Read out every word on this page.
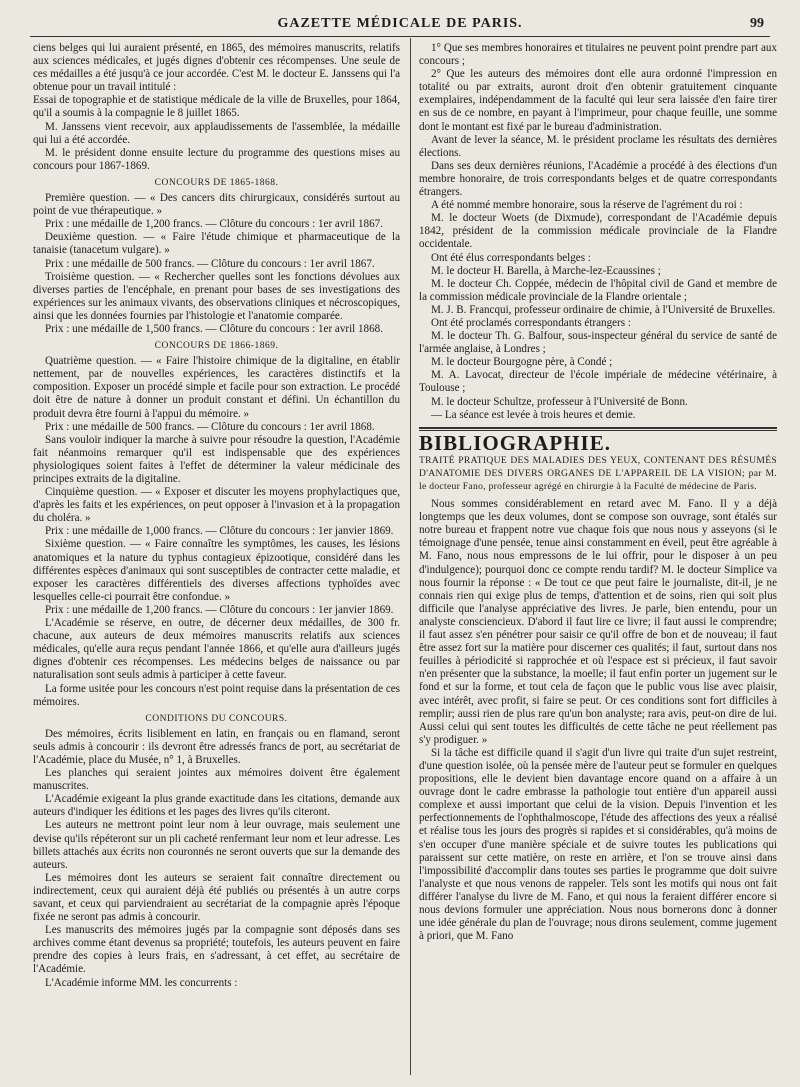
GAZETTE MÉDICALE DE PARIS.	99

ciens belges qui lui auraient présenté, en 1865, des mémoires manuscrits, relatifs aux sciences médicales, et jugés dignes d'obtenir ces récompenses. Une seule de ces médailles a été jusqu'à ce jour accordée. C'est M. le docteur E. Janssens qui l'a obtenue pour un travail intitulé :

Essai de topographie et de statistique médicale de la ville de Bruxelles, pour 1864, qu'il a soumis à la compagnie le 8 juillet 1865.

M. Janssens vient recevoir, aux applaudissements de l'assemblée, la médaille qui lui a été accordée.

M. le président donne ensuite lecture du programme des questions mises au concours pour 1867-1869.

CONCOURS DE 1865-1868.

Première question. — « Des cancers dits chirurgicaux, considérés surtout au point de vue thérapeutique. »

Prix : une médaille de 1,200 francs. — Clôture du concours : 1er avril 1867.

Deuxième question. — « Faire l'étude chimique et pharmaceutique de la tanaisie (tanacetum vulgare). »

Prix : une médaille de 500 francs. — Clôture du concours : 1er avril 1867.

Troisième question. — « Rechercher quelles sont les fonctions dévolues aux diverses parties de l'encéphale, en prenant pour bases de ses investigations des expériences sur les animaux vivants, des observations cliniques et nécroscopiques, ainsi que les données fournies par l'histologie et l'anatomie comparée.

Prix : une médaille de 1,500 francs. — Clôture du concours : 1er avril 1868.

CONCOURS DE 1866-1869.

Quatrième question. — « Faire l'histoire chimique de la digitaline, en établir nettement, par de nouvelles expériences, les caractères distinctifs et la composition. Exposer un procédé simple et facile pour son extraction. Le procédé doit être de nature à donner un produit constant et défini. Un échantillon du produit devra être fourni à l'appui du mémoire. »

Prix : une médaille de 500 francs. — Clôture du concours : 1er avril 1868.

Sans vouloir indiquer la marche à suivre pour résoudre la question, l'Académie fait néanmoins remarquer qu'il est indispensable que des expériences physiologiques soient faites à l'effet de déterminer la valeur médicinale des principes extraits de la digitaline.

Cinquième question. — « Exposer et discuter les moyens prophylactiques que, d'après les faits et les expériences, on peut opposer à l'invasion et à la propagation du choléra. »

Prix : une médaille de 1,000 francs. — Clôture du concours : 1er janvier 1869.

Sixième question. — « Faire connaître les symptômes, les causes, les lésions anatomiques et la nature du typhus contagieux épizootique, considéré dans les différentes espèces d'animaux qui sont susceptibles de contracter cette maladie, et exposer les caractères différentiels des diverses affections typhoïdes avec lesquelles celle-ci pourrait être confondue. »

Prix : une médaille de 1,200 francs. — Clôture du concours : 1er janvier 1869.

L'Académie se réserve, en outre, de décerner deux médailles, de 300 fr. chacune, aux auteurs de deux mémoires manuscrits relatifs aux sciences médicales, qu'elle aura reçus pendant l'année 1866, et qu'elle aura d'ailleurs jugés dignes d'obtenir ces récompenses. Les médecins belges de naissance ou par naturalisation sont seuls admis à participer à cette faveur.

La forme usitée pour les concours n'est point requise dans la présentation de ces mémoires.

CONDITIONS DU CONCOURS.

Des mémoires, écrits lisiblement en latin, en français ou en flamand, seront seuls admis à concourir : ils devront être adressés francs de port, au secrétariat de l'Académie, place du Musée, n° 1, à Bruxelles.

Les planches qui seraient jointes aux mémoires doivent être également manuscrites.

L'Académie exigeant la plus grande exactitude dans les citations, demande aux auteurs d'indiquer les éditions et les pages des livres qu'ils citeront.

Les auteurs ne mettront point leur nom à leur ouvrage, mais seulement une devise qu'ils répéteront sur un pli cacheté renfermant leur nom et leur adresse. Les billets attachés aux écrits non couronnés ne seront ouverts que sur la demande des auteurs.

Les mémoires dont les auteurs se seraient fait connaître directement ou indirectement, ceux qui auraient déjà été publiés ou présentés à un autre corps savant, et ceux qui parviendraient au secrétariat de la compagnie après l'époque fixée ne seront pas admis à concourir.

Les manuscrits des mémoires jugés par la compagnie sont déposés dans ses archives comme étant devenus sa propriété; toutefois, les auteurs peuvent en faire prendre des copies à leurs frais, en s'adressant, à cet effet, au secrétaire de l'Académie.

L'Académie informe MM. les concurrents :

1° Que ses membres honoraires et titulaires ne peuvent point prendre part aux concours ;

2° Que les auteurs des mémoires dont elle aura ordonné l'impression en totalité ou par extraits, auront droit d'en obtenir gratuitement cinquante exemplaires, indépendamment de la faculté qui leur sera laissée d'en faire tirer en sus de ce nombre, en payant à l'imprimeur, pour chaque feuille, une somme dont le montant est fixé par le bureau d'administration.

Avant de lever la séance, M. le président proclame les résultats des dernières élections.

Dans ses deux dernières réunions, l'Académie a procédé à des élections d'un membre honoraire, de trois correspondants belges et de quatre correspondants étrangers.

A été nommé membre honoraire, sous la réserve de l'agrément du roi :

M. le docteur Woets (de Dixmude), correspondant de l'Académie depuis 1842, président de la commission médicale provinciale de la Flandre occidentale.

Ont été élus correspondants belges :

M. le docteur H. Barella, à Marche-lez-Ecaussines ;

M. le docteur Ch. Coppée, médecin de l'hôpital civil de Gand et membre de la commission médicale provinciale de la Flandre orientale ;

M. J. B. Francqui, professeur ordinaire de chimie, à l'Université de Bruxelles.

Ont été proclamés correspondants étrangers :

M. le docteur Th. G. Balfour, sous-inspecteur général du service de santé de l'armée anglaise, à Londres ;

M. le docteur Bourgogne père, à Condé ;

M. A. Lavocat, directeur de l'école impériale de médecine vétérinaire, à Toulouse ;

M. le docteur Schultze, professeur à l'Université de Bonn.

— La séance est levée à trois heures et demie.

BIBLIOGRAPHIE.

TRAITÉ PRATIQUE DES MALADIES DES YEUX, CONTENANT DES RÉSUMÉS D'ANATOMIE DES DIVERS ORGANES DE L'APPAREIL DE LA VISION; par M. le docteur Fano, professeur agrégé en chirurgie à la Faculté de médecine de Paris.

Nous sommes considérablement en retard avec M. Fano. Il y a déjà longtemps que les deux volumes, dont se compose son ouvrage, sont étalés sur notre bureau et frappent notre vue chaque fois que nous nous y asseyons (si le témoignage d'une pensée, tenue ainsi constamment en éveil, peut être agréable à M. Fano, nous nous empressons de le lui offrir, pour le disposer à un peu d'indulgence); pourquoi donc ce compte rendu tardif? M. le docteur Simplice va nous fournir la réponse : « De tout ce que peut faire le journaliste, dit-il, je ne connais rien qui exige plus de temps, d'attention et de soins, rien qui soit plus difficile que l'analyse appréciative des livres. Je parle, bien entendu, pour un analyste consciencieux. D'abord il faut lire ce livre; il faut aussi le comprendre; il faut assez s'en pénétrer pour saisir ce qu'il offre de bon et de nouveau; il faut être assez fort sur la matière pour discerner ces qualités; il faut, surtout dans nos feuilles à périodicité si rapprochée et où l'espace est si précieux, il faut savoir n'en présenter que la substance, la moelle; il faut enfin porter un jugement sur le fond et sur la forme, et tout cela de façon que le public vous lise avec plaisir, avec intérêt, avec profit, si faire se peut. Or ces conditions sont fort difficiles à remplir; aussi rien de plus rare qu'un bon analyste; rara avis, peut-on dire de lui. Aussi celui qui sent toutes les difficultés de cette tâche ne peut réellement pas s'y prodiguer. »

Si la tâche est difficile quand il s'agit d'un livre qui traite d'un sujet restreint, d'une question isolée, où la pensée mère de l'auteur peut se formuler en quelques propositions, elle le devient bien davantage encore quand on a affaire à un ouvrage dont le cadre embrasse la pathologie tout entière d'un appareil aussi complexe et aussi important que celui de la vision. Depuis l'invention et les perfectionnements de l'ophthalmoscope, l'étude des affections des yeux a réalisé et réalise tous les jours des progrès si rapides et si considérables, qu'à moins de s'en occuper d'une manière spéciale et de suivre toutes les publications qui paraissent sur cette matière, on reste en arrière, et l'on se trouve ainsi dans l'impossibilité d'accomplir dans toutes ses parties le programme que doit suivre l'analyste et que nous venons de rappeler. Tels sont les motifs qui nous ont fait différer l'analyse du livre de M. Fano, et qui nous la feraient différer encore si nous devions formuler une appréciation. Nous nous bornerons donc à donner une idée générale du plan de l'ouvrage; nous dirons seulement, comme jugement à priori, que M. Fano
